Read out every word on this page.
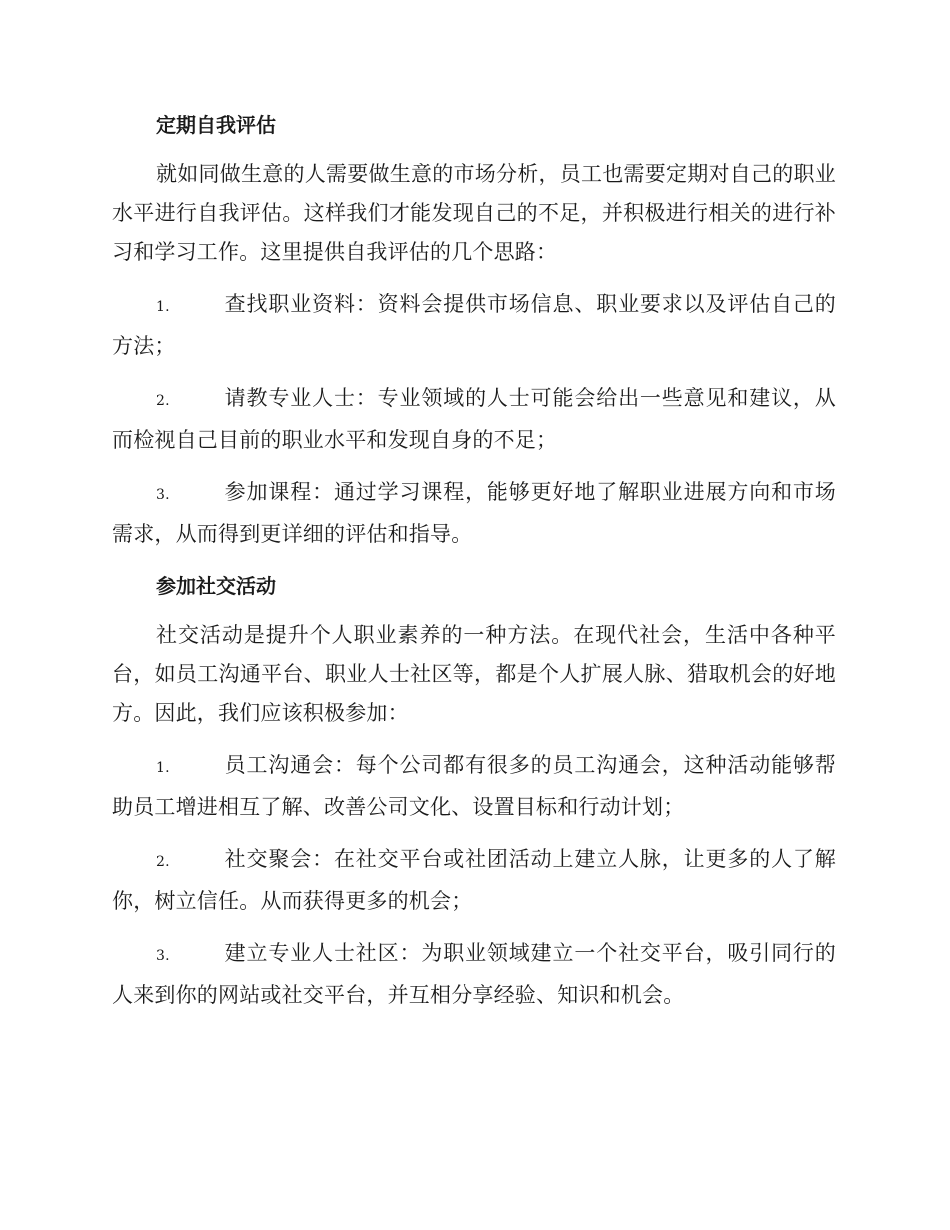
定期自我评估

就如同做生意的人需要做生意的市场分析，员工也需要定期对自己的职业水平进行自我评估。这样我们才能发现自己的不足，并积极进行相关的进行补习和学习工作。这里提供自我评估的几个思路：

1.	查找职业资料：资料会提供市场信息、职业要求以及评估自己的方法；

2.	请教专业人士：专业领域的人士可能会给出一些意见和建议，从而检视自己目前的职业水平和发现自身的不足；

3.	参加课程：通过学习课程，能够更好地了解职业进展方向和市场需求，从而得到更详细的评估和指导。

参加社交活动

社交活动是提升个人职业素养的一种方法。在现代社会，生活中各种平台，如员工沟通平台、职业人士社区等，都是个人扩展人脉、猎取机会的好地方。因此，我们应该积极参加：

1.	员工沟通会：每个公司都有很多的员工沟通会，这种活动能够帮助员工增进相互了解、改善公司文化、设置目标和行动计划；

2.	社交聚会：在社交平台或社团活动上建立人脉，让更多的人了解你，树立信任。从而获得更多的机会；

3.	建立专业人士社区：为职业领域建立一个社交平台，吸引同行的人来到你的网站或社交平台，并互相分享经验、知识和机会。
